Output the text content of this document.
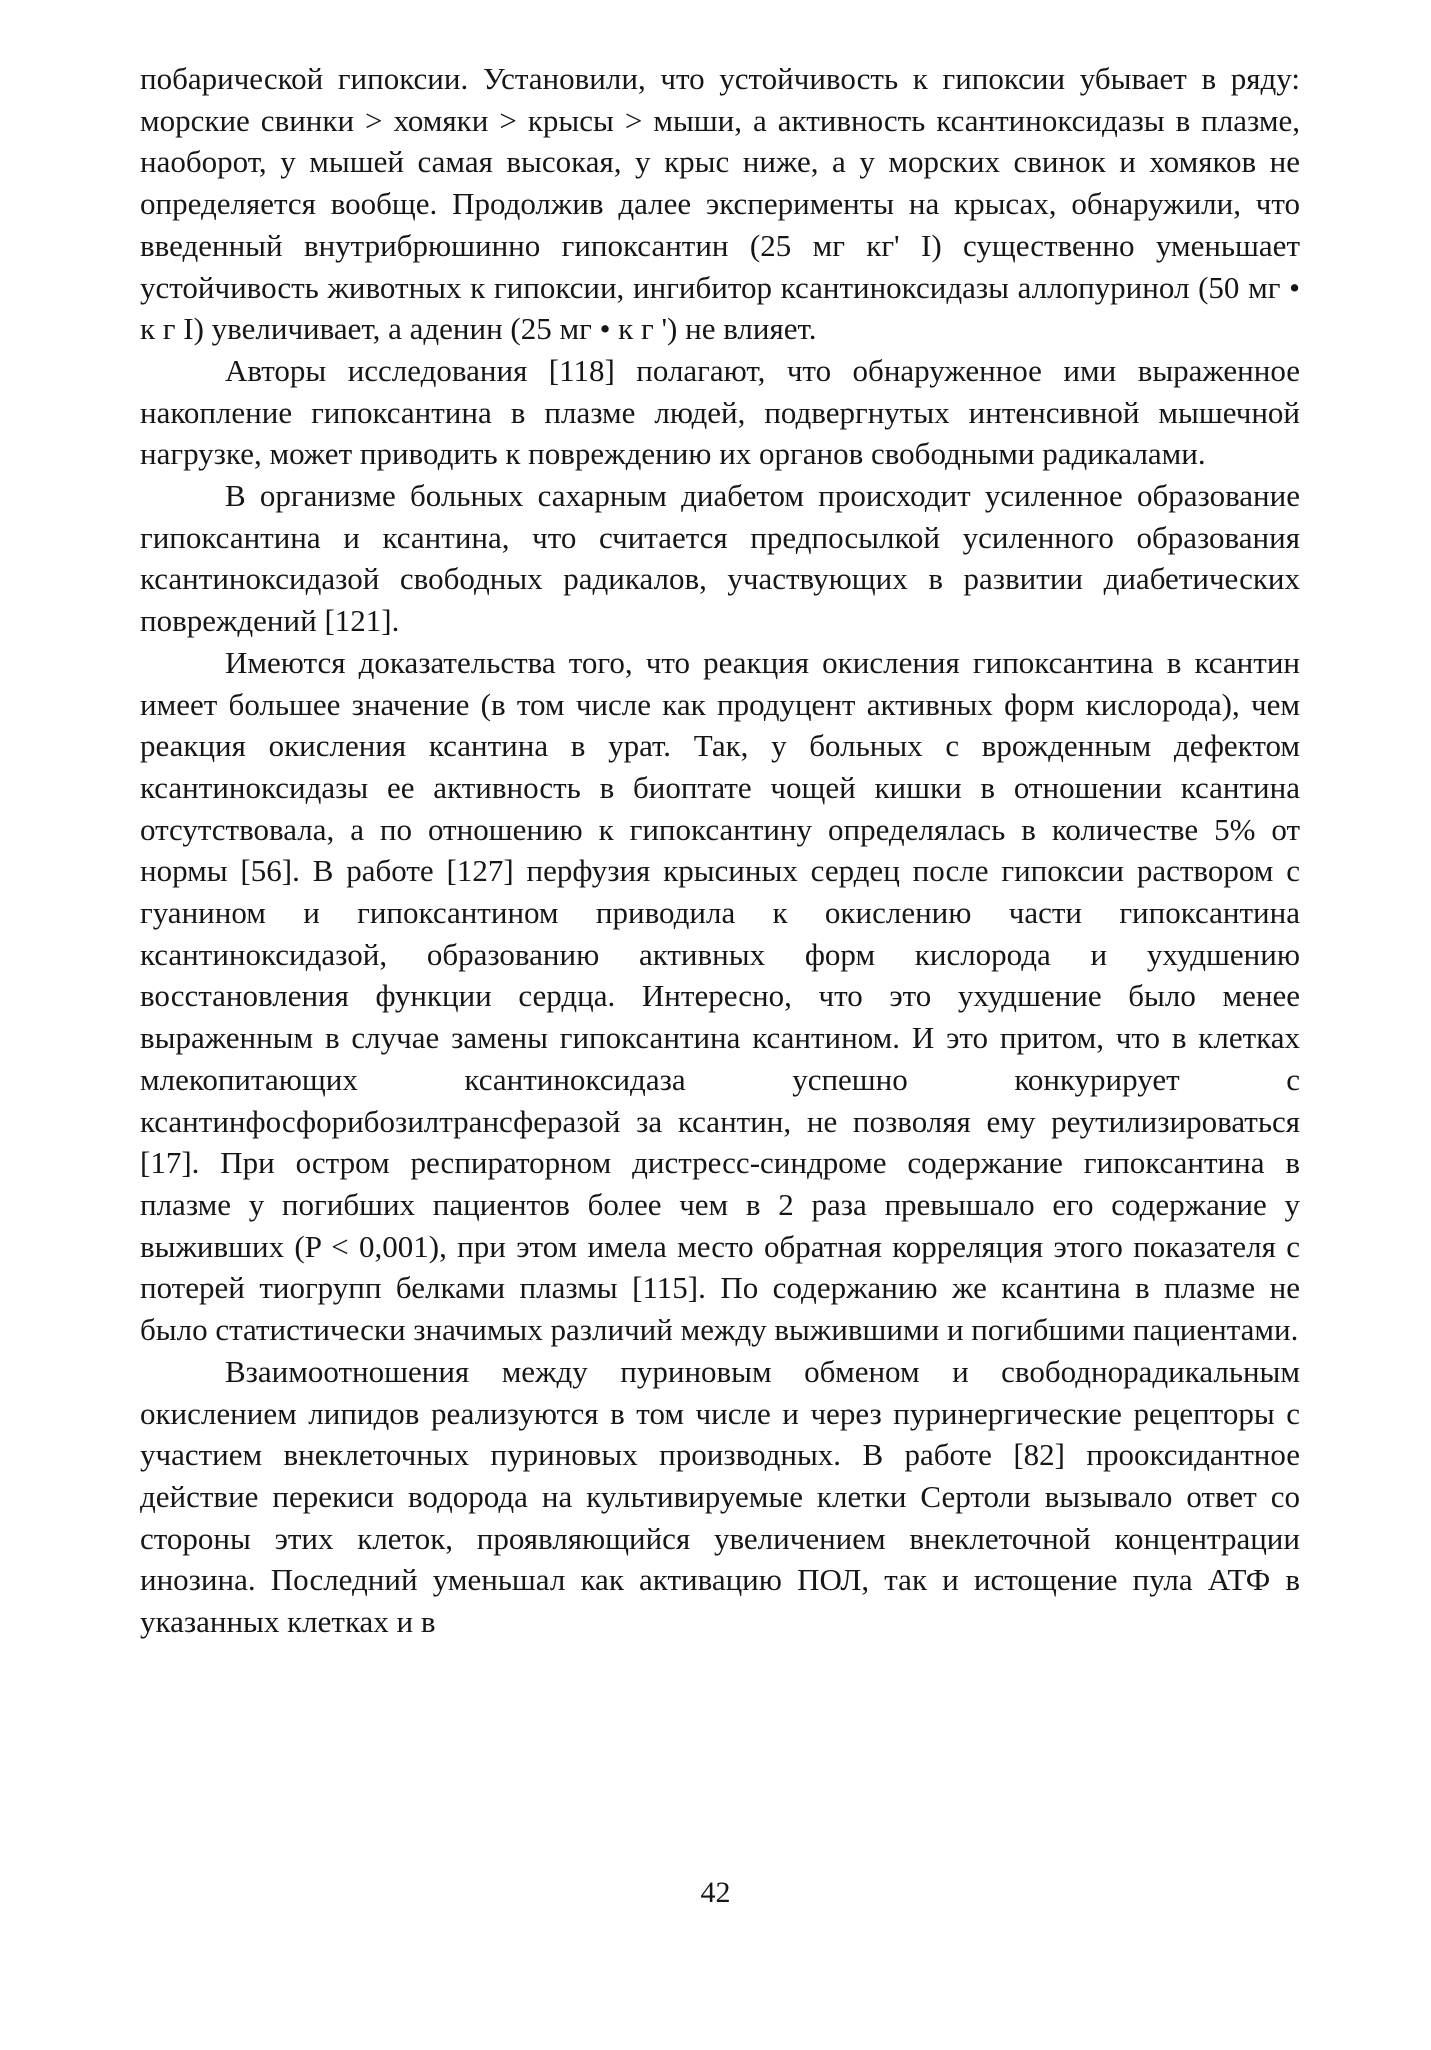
побарической гипоксии. Установили, что устойчивость к гипоксии убывает в ряду: морские свинки > хомяки > крысы > мыши, а активность ксантиноксидазы в плазме, наоборот, у мышей самая высокая, у крыс ниже, а у морских свинок и хомяков не определяется вообще. Продолжив далее эксперименты на крысах, обнаружили, что введенный внутрибрюшинно гипоксантин (25 мг кг' I) существенно уменьшает устойчивость животных к гипоксии, ингибитор ксантиноксидазы аллопуринол (50 мг • к г I) увеличивает, а аденин (25 мг • к г ') не влияет.

Авторы исследования [118] полагают, что обнаруженное ими выраженное накопление гипоксантина в плазме людей, подвергнутых интенсивной мышечной нагрузке, может приводить к повреждению их органов свободными радикалами.

В организме больных сахарным диабетом происходит усиленное образование гипоксантина и ксантина, что считается предпосылкой усиленного образования ксантиноксидазой свободных радикалов, участвующих в развитии диабетических повреждений [121].

Имеются доказательства того, что реакция окисления гипоксантина в ксантин имеет большее значение (в том числе как продуцент активных форм кислорода), чем реакция окисления ксантина в урат. Так, у больных с врожденным дефектом ксантиноксидазы ее активность в биоптате чощей кишки в отношении ксантина отсутствовала, а по отношению к гипоксантину определялась в количестве 5% от нормы [56]. В работе [127] перфузия крысиных сердец после гипоксии раствором с гуанином и гипоксантином приводила к окислению части гипоксантина ксантиноксидазой, образованию активных форм кислорода и ухудшению восстановления функции сердца. Интересно, что это ухудшение было менее выраженным в случае замены гипоксантина ксантином. И это притом, что в клетках млекопитающих ксантиноксидаза успешно конкурирует с ксантинфосфорибозилтрансферазой за ксантин, не позволяя ему реутилизироваться [17]. При остром респираторном дистресс-синдроме содержание гипоксантина в плазме у погибших пациентов более чем в 2 раза превышало его содержание у выживших (P < 0,001), при этом имела место обратная корреляция этого показателя с потерей тиогрупп белками плазмы [115]. По содержанию же ксантина в плазме не было статистически значимых различий между выжившими и погибшими пациентами.

Взаимоотношения между пуриновым обменом и свободнорадикальным окислением липидов реализуются в том числе и через пуринергические рецепторы с участием внеклеточных пуриновых производных. В работе [82] прооксидантное действие перекиси водорода на культивируемые клетки Сертоли вызывало ответ со стороны этих клеток, проявляющийся увеличением внеклеточной концентрации инозина. Последний уменьшал как активацию ПОЛ, так и истощение пула АТФ в указанных клетках и в

42
